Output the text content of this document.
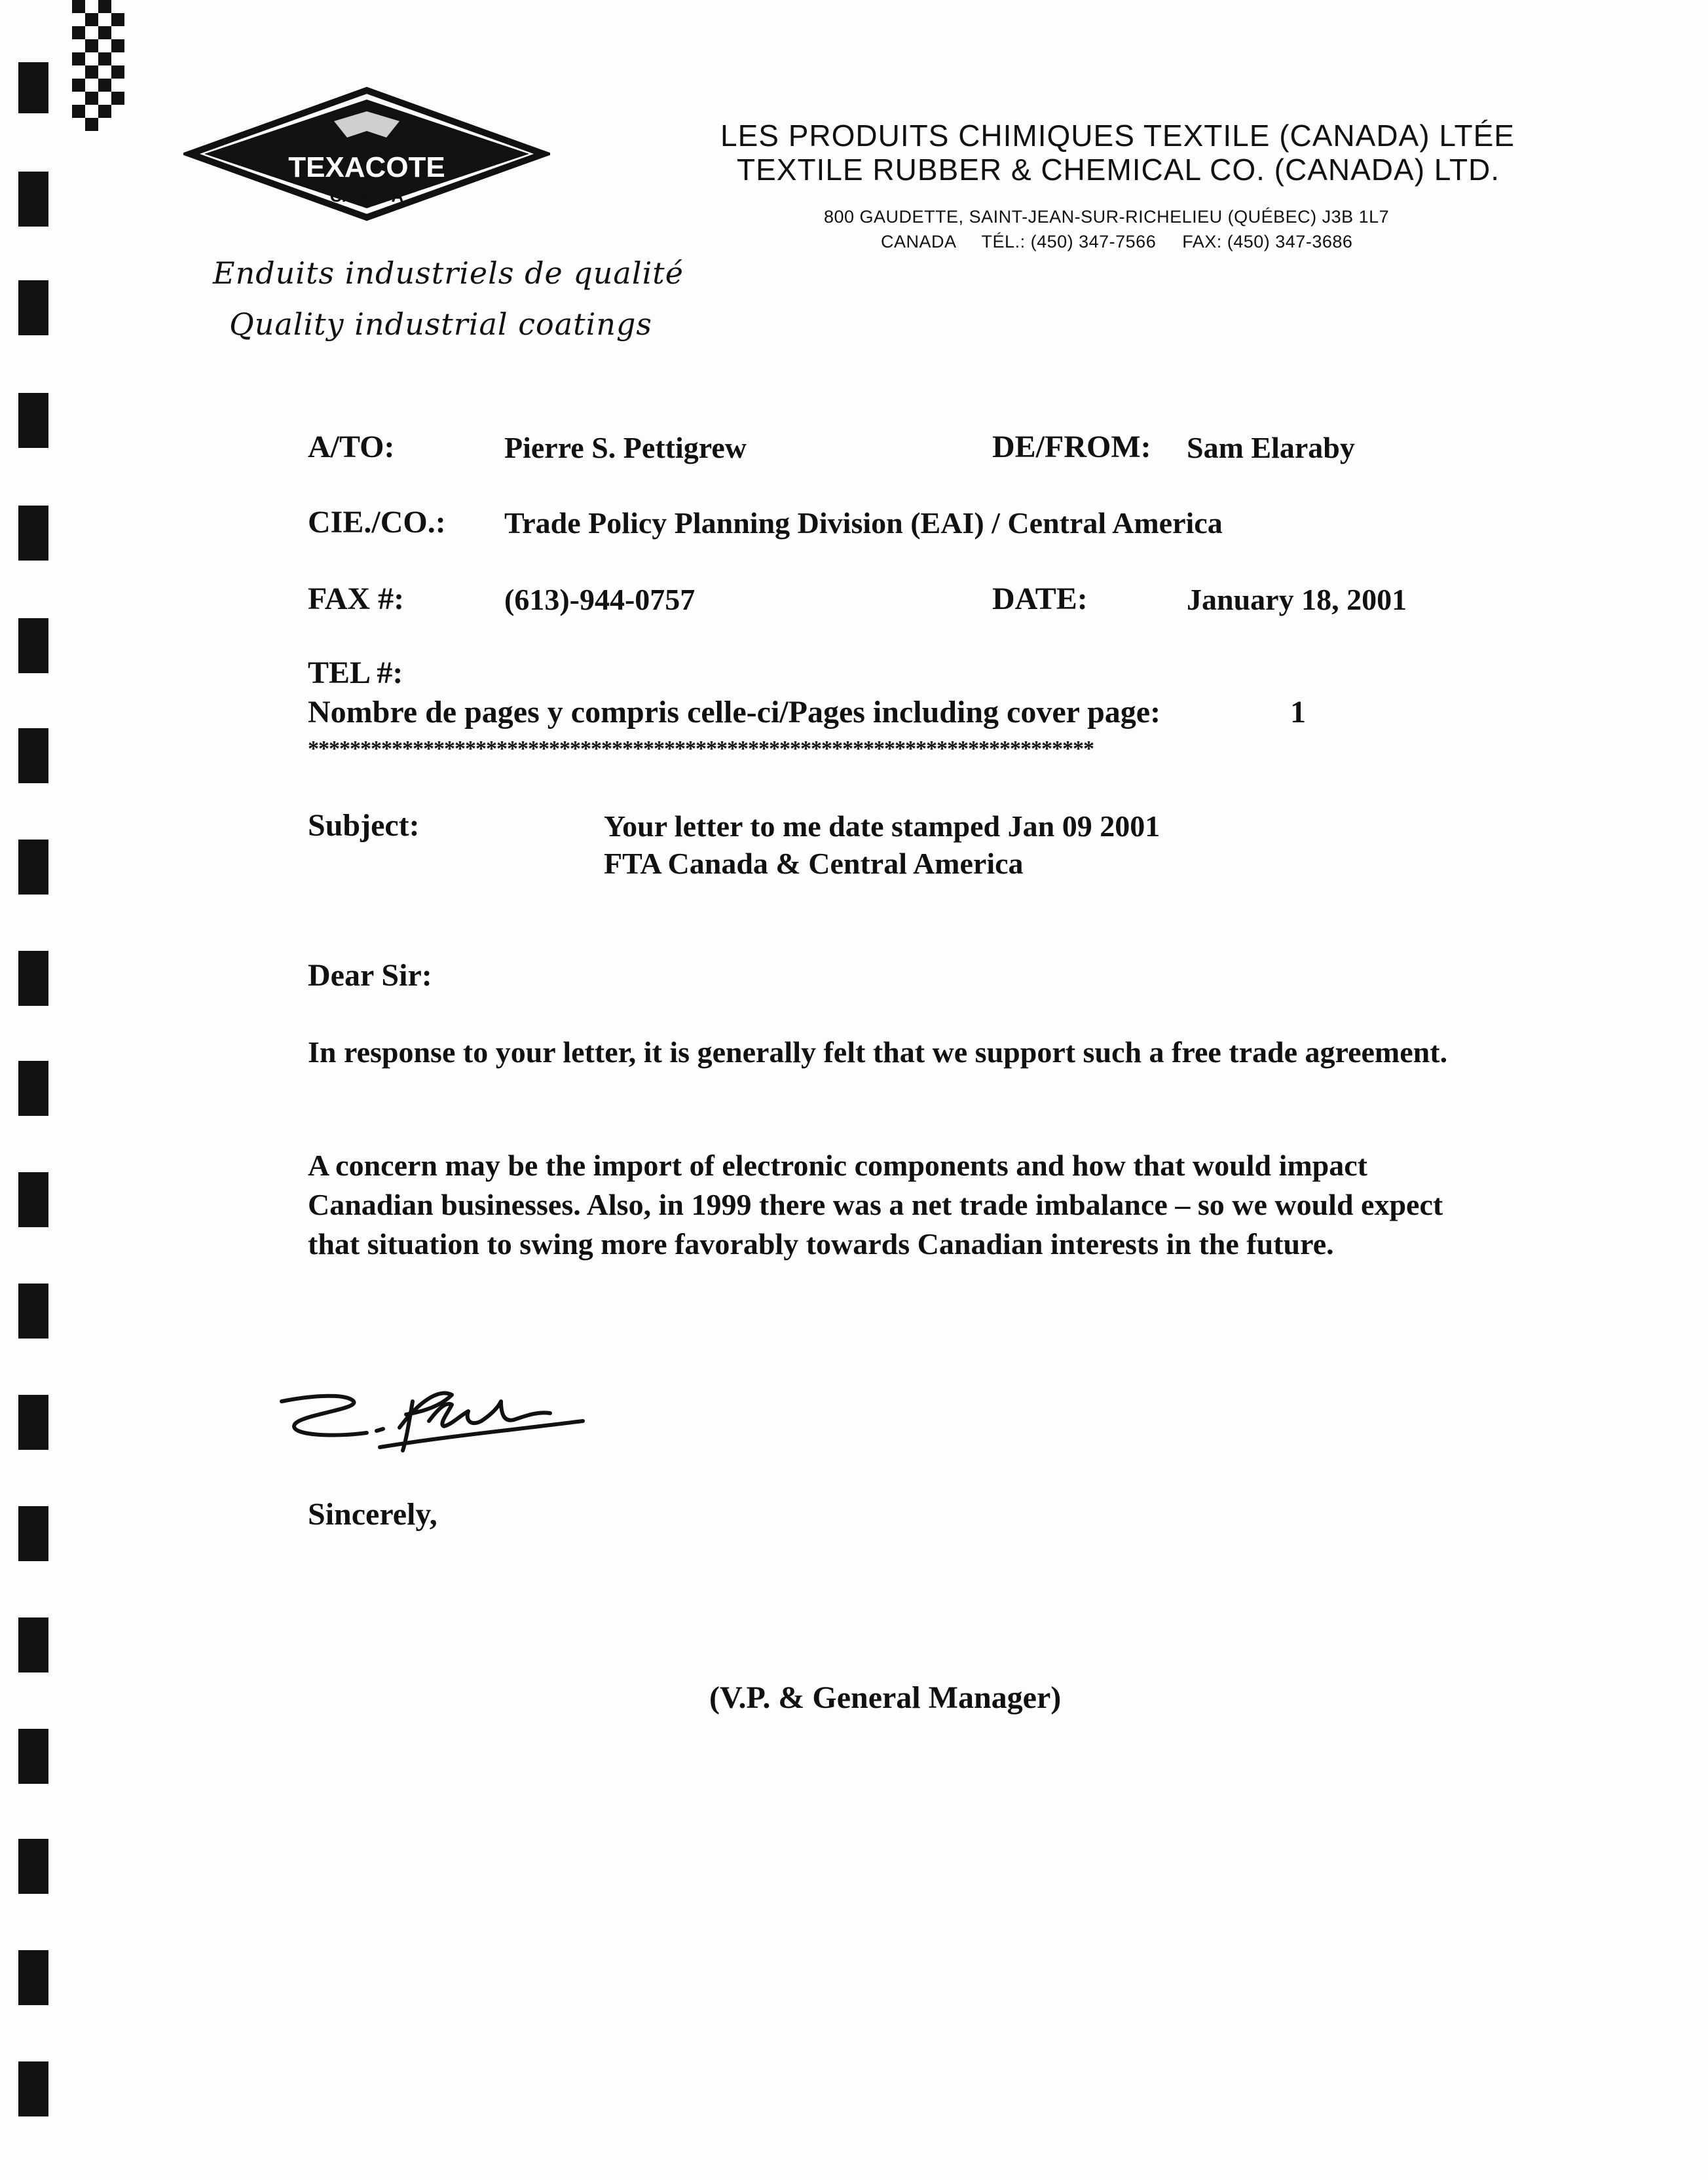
TEXACOTE
CANADA
Enduits industriels de qualité
Quality industrial coatings
LES PRODUITS CHIMIQUES TEXTILE (CANADA) LTÉE
TEXTILE RUBBER & CHEMICAL CO. (CANADA) LTD.
800 GAUDETTE, SAINT-JEAN-SUR-RICHELIEU (QUÉBEC) J3B 1L7
CANADA     TÉL.: (450) 347-7566     FAX: (450) 347-3686
A/TO:	Pierre S. Pettigrew	DE/FROM: Sam Elaraby
CIE./CO.: Trade Policy Planning Division (EAI) / Central America
FAX #:	(613)-944-0757	DATE:	January 18, 2001
TEL #:
Nombre de pages y compris celle-ci/Pages including cover page:	1
***************************************************************************
Subject:	Your letter to me date stamped Jan 09 2001
FTA Canada & Central America
Dear Sir:
In response to your letter, it is generally felt that we support such a free trade agreement.
A concern may be the import of electronic components and how that would impact Canadian businesses. Also, in 1999 there was a net trade imbalance – so we would expect that situation to swing more favorably towards Canadian interests in the future.
Sincerely,
(V.P. & General Manager)
